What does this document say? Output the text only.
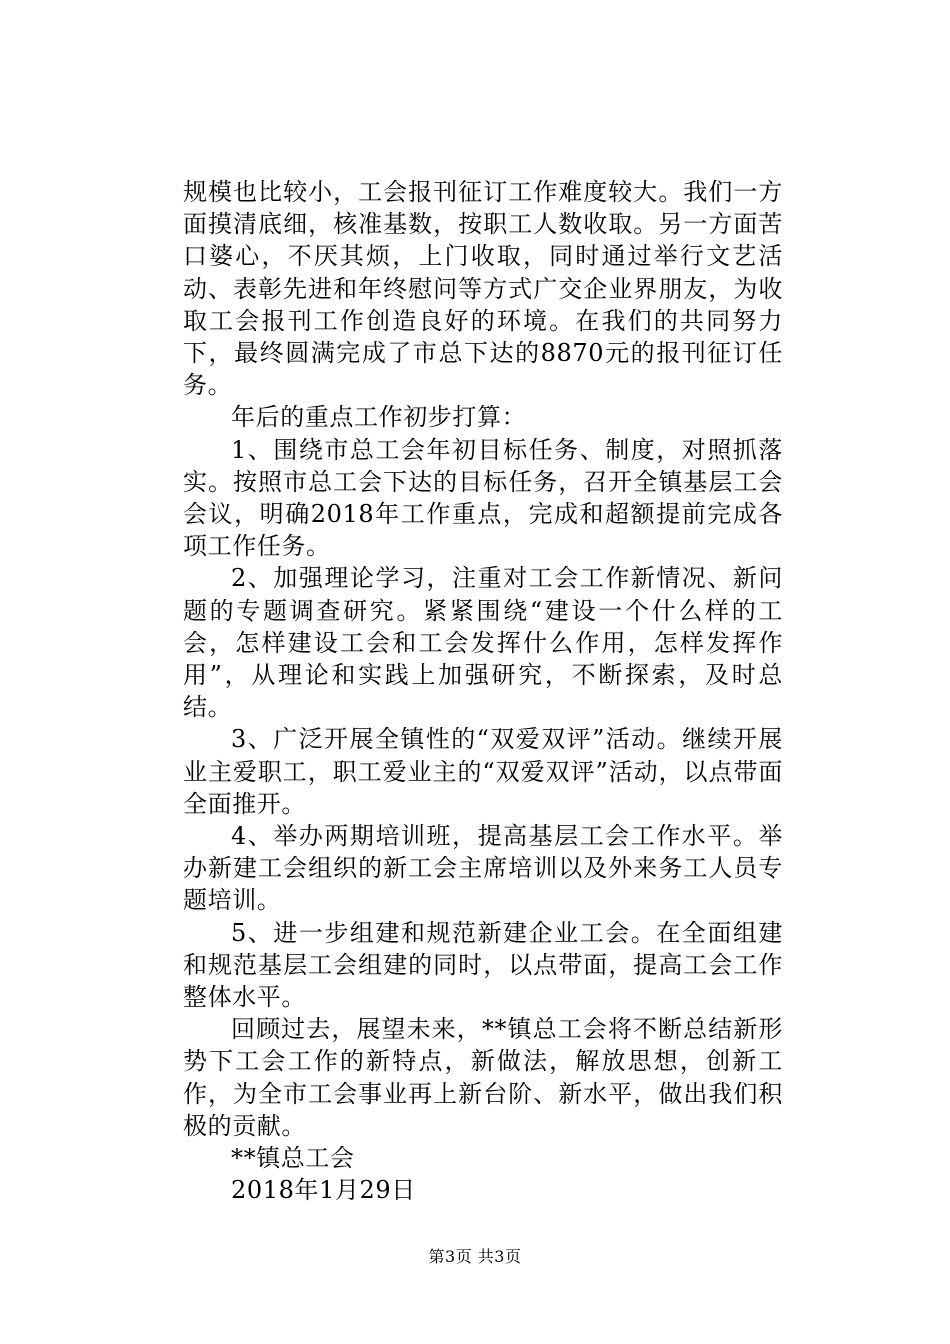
规模也比较小，工会报刊征订工作难度较大。我们一方面摸清底细，核准基数，按职工人数收取。另一方面苦口婆心，不厌其烦，上门收取，同时通过举行文艺活动、表彰先进和年终慰问等方式广交企业界朋友，为收取工会报刊工作创造良好的环境。在我们的共同努力下，最终圆满完成了市总下达的8870元的报刊征订任务。

年后的重点工作初步打算：

1、围绕市总工会年初目标任务、制度，对照抓落实。按照市总工会下达的目标任务，召开全镇基层工会会议，明确2018年工作重点，完成和超额提前完成各项工作任务。

2、加强理论学习，注重对工会工作新情况、新问题的专题调查研究。紧紧围绕“建设一个什么样的工会，怎样建设工会和工会发挥什么作用，怎样发挥作用”，从理论和实践上加强研究，不断探索，及时总结。

3、广泛开展全镇性的“双爱双评”活动。继续开展业主爱职工，职工爱业主的“双爱双评”活动，以点带面全面推开。

4、举办两期培训班，提高基层工会工作水平。举办新建工会组织的新工会主席培训以及外来务工人员专题培训。

5、进一步组建和规范新建企业工会。在全面组建和规范基层工会组建的同时，以点带面，提高工会工作整体水平。

回顾过去，展望未来，**镇总工会将不断总结新形势下工会工作的新特点，新做法，解放思想，创新工作，为全市工会事业再上新台阶、新水平，做出我们积极的贡献。

**镇总工会

2018年1月29日

第3页 共3页
